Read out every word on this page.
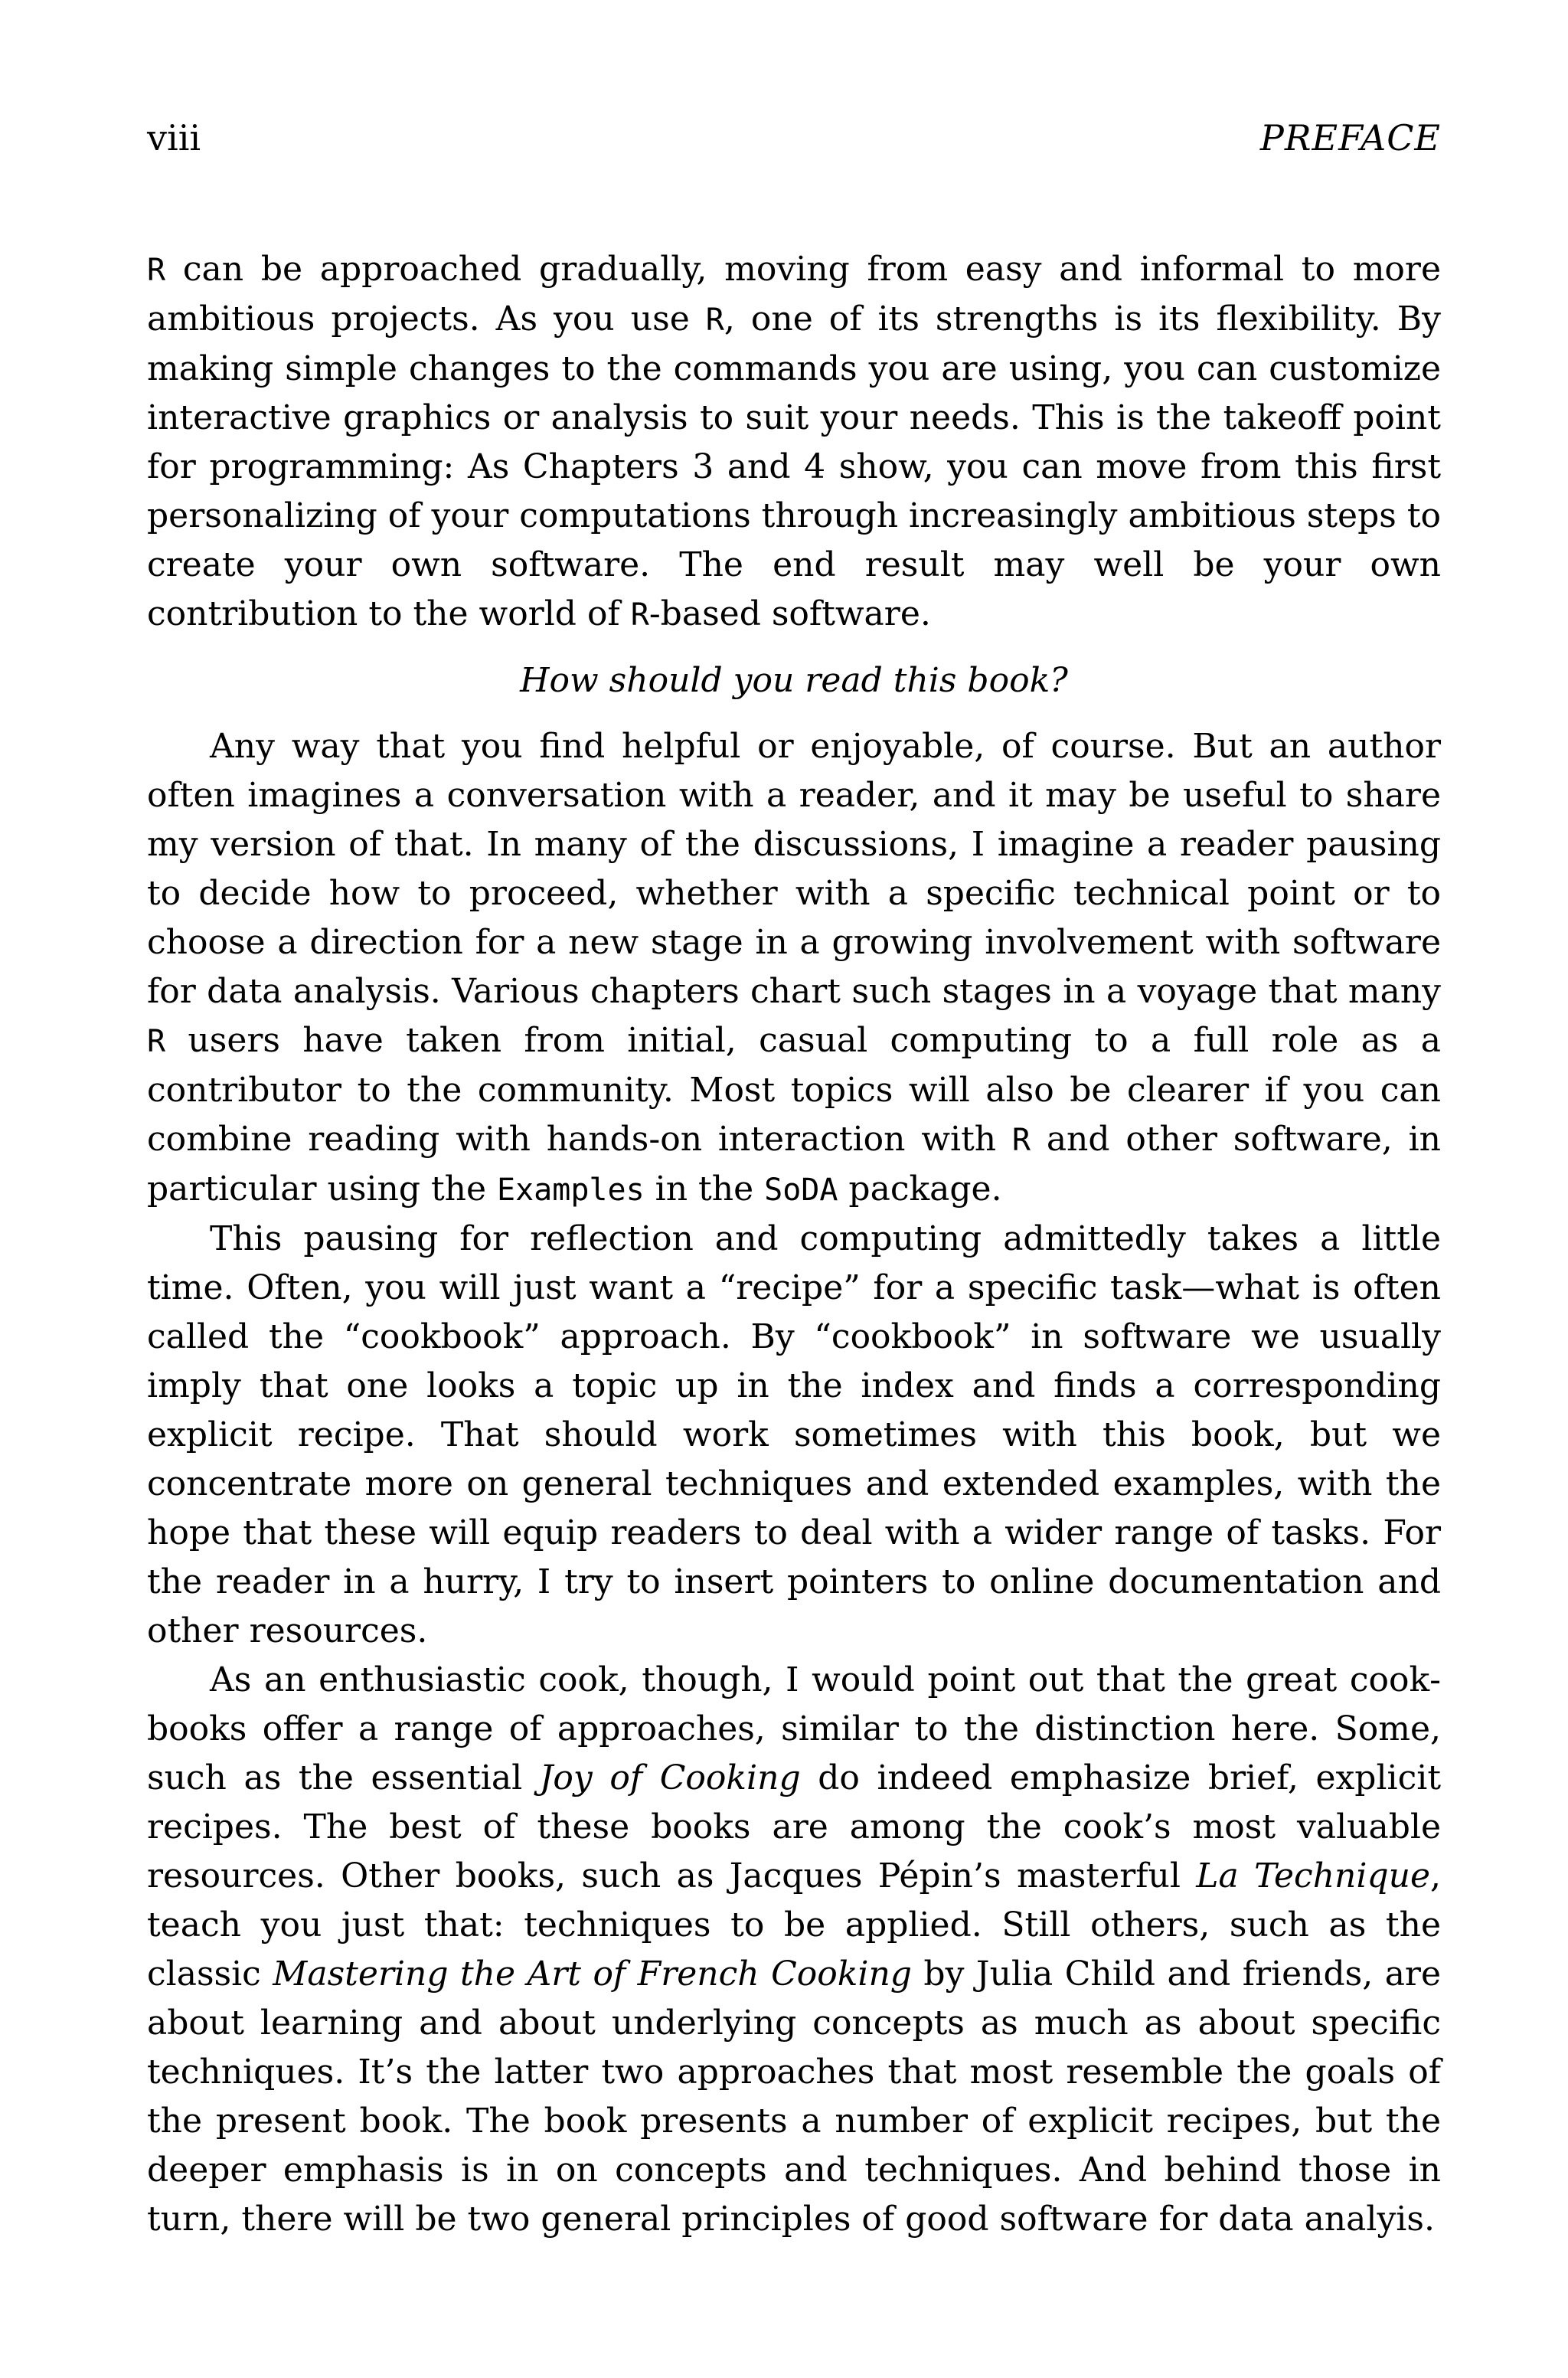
viii	PREFACE

R can be approached gradually, moving from easy and informal to more ambitious projects. As you use R, one of its strengths is its flexibility. By making simple changes to the commands you are using, you can customize interactive graphics or analysis to suit your needs. This is the takeoff point for programming: As Chapters 3 and 4 show, you can move from this first personalizing of your computations through increasingly ambitious steps to create your own software. The end result may well be your own contribution to the world of R-based software.

How should you read this book?

Any way that you find helpful or enjoyable, of course. But an author often imagines a conversation with a reader, and it may be useful to share my version of that. In many of the discussions, I imagine a reader pausing to decide how to proceed, whether with a specific technical point or to choose a direction for a new stage in a growing involvement with software for data analysis. Various chapters chart such stages in a voyage that many R users have taken from initial, casual computing to a full role as a contributor to the community. Most topics will also be clearer if you can combine reading with hands-on interaction with R and other software, in particular using the Examples in the SoDA package.

This pausing for reflection and computing admittedly takes a little time. Often, you will just want a “recipe” for a specific task—what is often called the “cookbook” approach. By “cookbook” in software we usually imply that one looks a topic up in the index and finds a corresponding explicit recipe. That should work sometimes with this book, but we concentrate more on general techniques and extended examples, with the hope that these will equip readers to deal with a wider range of tasks. For the reader in a hurry, I try to insert pointers to online documentation and other resources.

As an enthusiastic cook, though, I would point out that the great cookbooks offer a range of approaches, similar to the distinction here. Some, such as the essential Joy of Cooking do indeed emphasize brief, explicit recipes. The best of these books are among the cook’s most valuable resources. Other books, such as Jacques Pépin’s masterful La Technique, teach you just that: techniques to be applied. Still others, such as the classic Mastering the Art of French Cooking by Julia Child and friends, are about learning and about underlying concepts as much as about specific techniques. It’s the latter two approaches that most resemble the goals of the present book. The book presents a number of explicit recipes, but the deeper emphasis is in on concepts and techniques. And behind those in turn, there will be two general principles of good software for data analyis.
